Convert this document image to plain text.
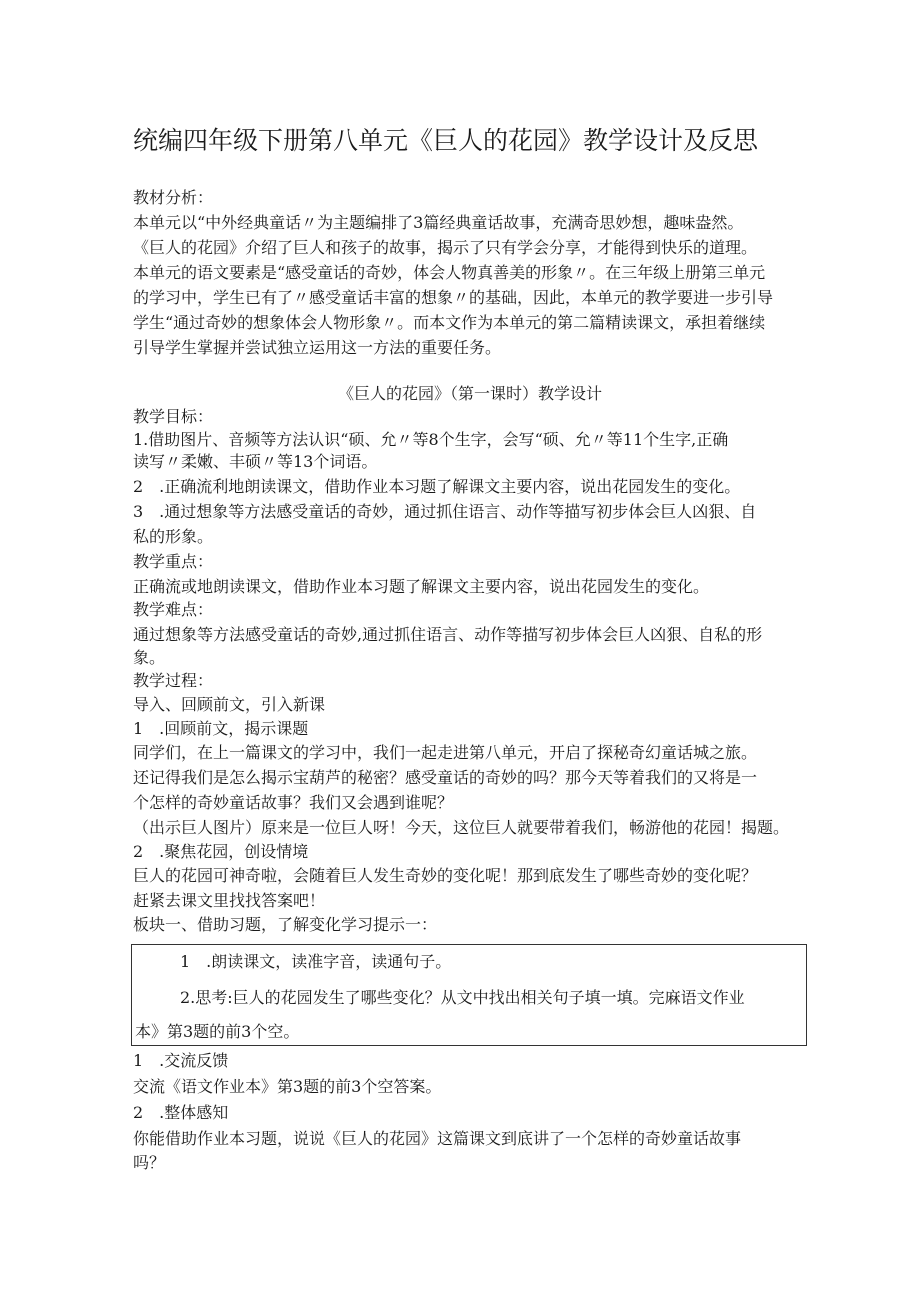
统编四年级下册第八单元《巨人的花园》教学设计及反思
教材分析：
本单元以“中外经典童话〃为主题编排了3篇经典童话故事，充满奇思妙想，趣味盎然。
《巨人的花园》介绍了巨人和孩子的故事，揭示了只有学会分享，才能得到快乐的道理。
本单元的语文要素是“感受童话的奇妙，体会人物真善美的形象〃。在三年级上册第三单元
的学习中，学生已有了〃感受童话丰富的想象〃的基础，因此，本单元的教学要进一步引导
学生“通过奇妙的想象体会人物形象〃。而本文作为本单元的第二篇精读课文，承担着继续
引导学生掌握并尝试独立运用这一方法的重要任务。
《巨人的花园》（第一课时）教学设计
教学目标：
1.借助图片、音频等方法认识“硕、允〃等8个生字，会写“硕、允〃等11个生字,正确
读写〃柔嫩、丰硕〃等13个词语。
2　.正确流利地朗读课文，借助作业本习题了解课文主要内容，说出花园发生的变化。
3　.通过想象等方法感受童话的奇妙，通过抓住语言、动作等描写初步体会巨人凶狠、自
私的形象。
教学重点：
正确流或地朗读课文，借助作业本习题了解课文主要内容，说出花园发生的变化。
教学难点：
通过想象等方法感受童话的奇妙,通过抓住语言、动作等描写初步体会巨人凶狠、自私的形
象。
教学过程：
导入、回顾前文，引入新课
1　.回顾前文，揭示课题
同学们，在上一篇课文的学习中，我们一起走进第八单元，开启了探秘奇幻童话城之旅。
还记得我们是怎么揭示宝葫芦的秘密？感受童话的奇妙的吗？那今天等着我们的又将是一
个怎样的奇妙童话故事？我们又会遇到谁呢？
（出示巨人图片）原来是一位巨人呀！今天，这位巨人就要带着我们，畅游他的花园！揭题。
2　.聚焦花园，创设情境
巨人的花园可神奇啦，会随着巨人发生奇妙的变化呢！那到底发生了哪些奇妙的变化呢？
赶紧去课文里找找答案吧！
板块一、借助习题，了解变化学习提示一：
1　.朗读课文，读准字音，读通句子。
2.思考:巨人的花园发生了哪些变化？从文中找出相关句子填一填。完麻语文作业
本》第3题的前3个空。
1　.交流反馈
交流《语文作业本》第3题的前3个空答案。
2　.整体感知
你能借助作业本习题，说说《巨人的花园》这篇课文到底讲了一个怎样的奇妙童话故事
吗？
